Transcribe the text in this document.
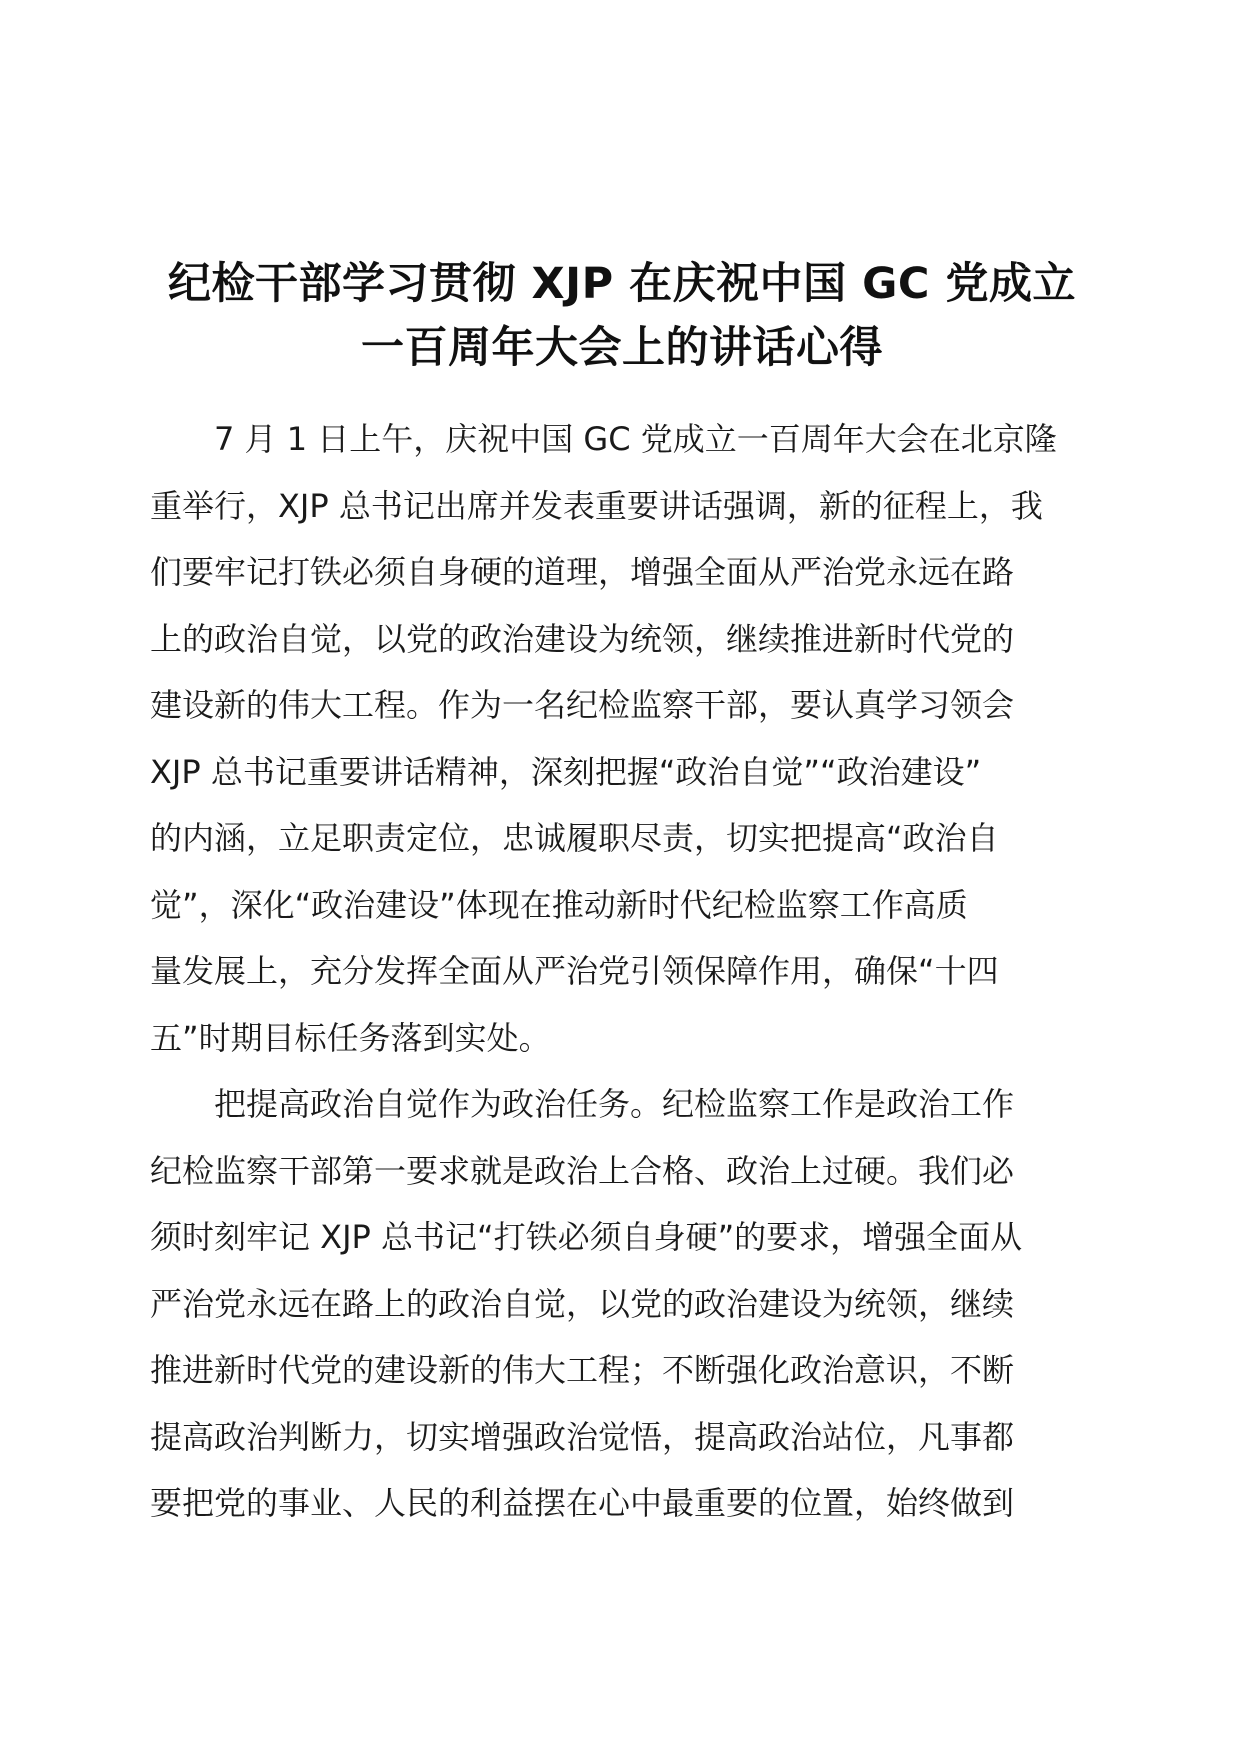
纪检干部学习贯彻 XJP 在庆祝中国 GC 党成立
一百周年大会上的讲话心得

7 月 1 日上午，庆祝中国 GC 党成立一百周年大会在北京隆
重举行，XJP 总书记出席并发表重要讲话强调，新的征程上，我
们要牢记打铁必须自身硬的道理，增强全面从严治党永远在路
上的政治自觉，以党的政治建设为统领，继续推进新时代党的
建设新的伟大工程。作为一名纪检监察干部，要认真学习领会
XJP 总书记重要讲话精神，深刻把握“政治自觉”“政治建设”
的内涵，立足职责定位，忠诚履职尽责，切实把提高“政治自
觉”，深化“政治建设”体现在推动新时代纪检监察工作高质
量发展上，充分发挥全面从严治党引领保障作用，确保“十四
五”时期目标任务落到实处。

把提高政治自觉作为政治任务。纪检监察工作是政治工作
纪检监察干部第一要求就是政治上合格、政治上过硬。我们必
须时刻牢记 XJP 总书记“打铁必须自身硬”的要求，增强全面从
严治党永远在路上的政治自觉，以党的政治建设为统领，继续
推进新时代党的建设新的伟大工程；不断强化政治意识，不断
提高政治判断力，切实增强政治觉悟，提高政治站位，凡事都
要把党的事业、人民的利益摆在心中最重要的位置，始终做到
